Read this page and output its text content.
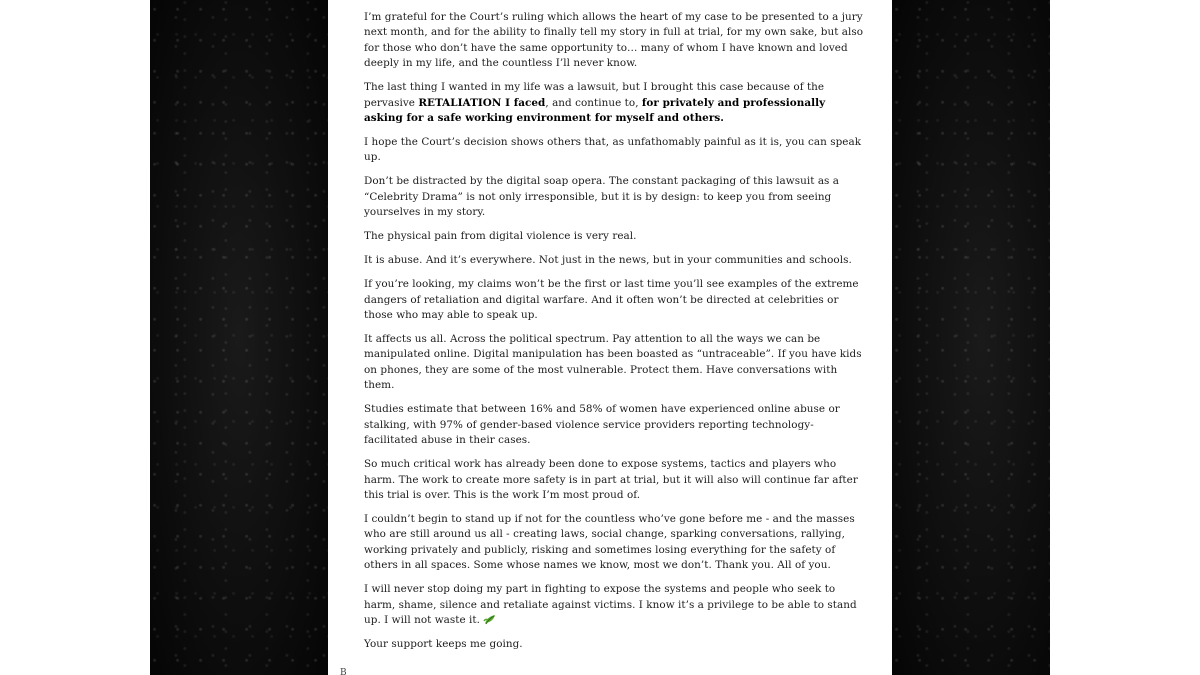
I’m grateful for the Court’s ruling which allows the heart of my case to be presented to a jury next month, and for the ability to finally tell my story in full at trial, for my own sake, but also for those who don’t have the same opportunity to… many of whom I have known and loved deeply in my life, and the countless I’ll never know.

The last thing I wanted in my life was a lawsuit, but I brought this case because of the pervasive RETALIATION I faced, and continue to, for privately and professionally asking for a safe working environment for myself and others.

I hope the Court’s decision shows others that, as unfathomably painful as it is, you can speak up.

Don’t be distracted by the digital soap opera. The constant packaging of this lawsuit as a “Celebrity Drama” is not only irresponsible, but it is by design: to keep you from seeing yourselves in my story.

The physical pain from digital violence is very real.

It is abuse. And it’s everywhere. Not just in the news, but in your communities and schools.

If you’re looking, my claims won’t be the first or last time you’ll see examples of the extreme dangers of retaliation and digital warfare. And it often won’t be directed at celebrities or those who may able to speak up.

It affects us all. Across the political spectrum. Pay attention to all the ways we can be manipulated online. Digital manipulation has been boasted as “untraceable”. If you have kids on phones, they are some of the most vulnerable. Protect them. Have conversations with them.

Studies estimate that between 16% and 58% of women have experienced online abuse or stalking, with 97% of gender-based violence service providers reporting technology-facilitated abuse in their cases.

So much critical work has already been done to expose systems, tactics and players who harm. The work to create more safety is in part at trial, but it will also will continue far after this trial is over. This is the work I’m most proud of.

I couldn’t begin to stand up if not for the countless who’ve gone before me - and the masses who are still around us all - creating laws, social change, sparking conversations, rallying, working privately and publicly, risking and sometimes losing everything for the safety of others in all spaces. Some whose names we know, most we don’t. Thank you. All of you.

I will never stop doing my part in fighting to expose the systems and people who seek to harm, shame, silence and retaliate against victims. I know it’s a privilege to be able to stand up. I will not waste it.

Your support keeps me going.

B
